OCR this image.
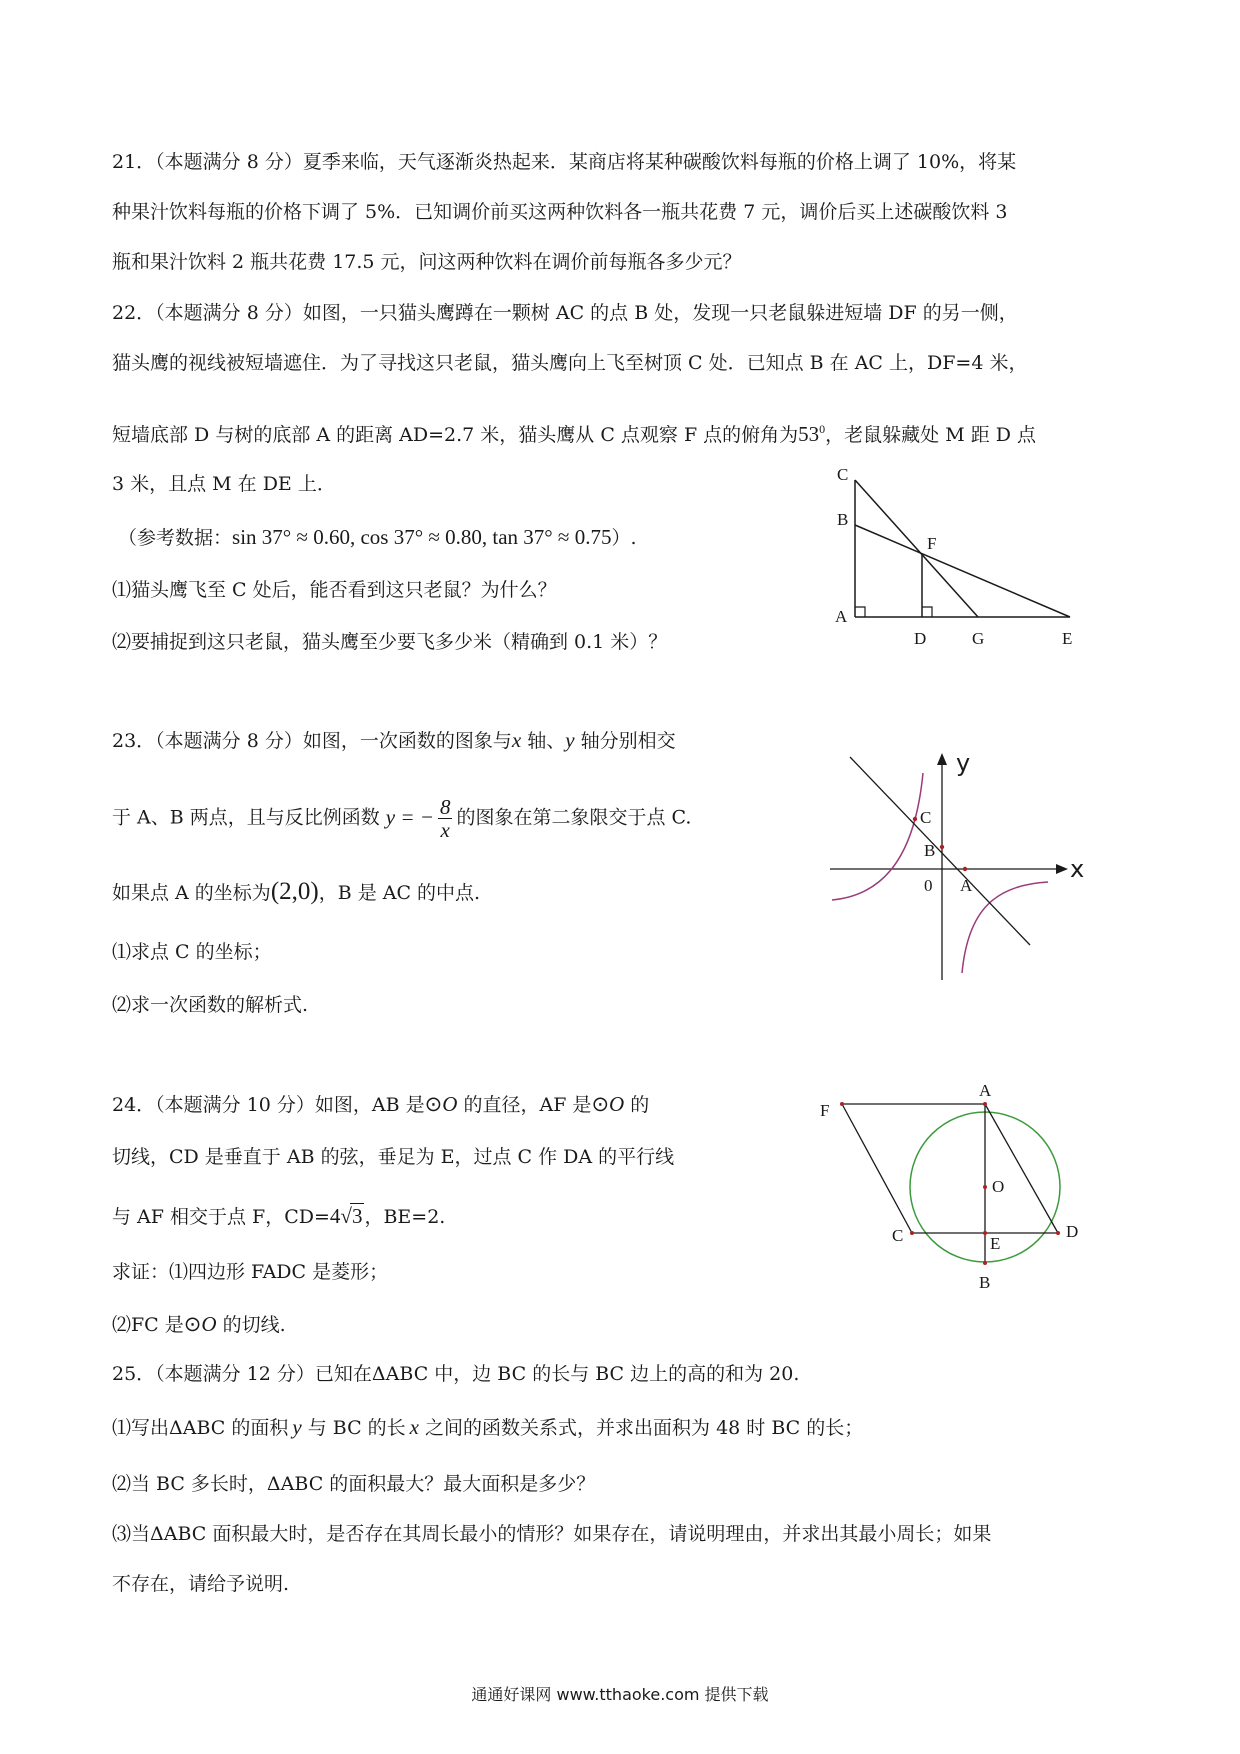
21．（本题满分 8 分）夏季来临，天气逐渐炎热起来．某商店将某种碳酸饮料每瓶的价格上调了 10%，将某
种果汁饮料每瓶的价格下调了 5%．已知调价前买这两种饮料各一瓶共花费 7 元，调价后买上述碳酸饮料 3
瓶和果汁饮料 2 瓶共花费 17.5 元，问这两种饮料在调价前每瓶各多少元？
22．（本题满分 8 分）如图，一只猫头鹰蹲在一颗树 AC 的点 B 处，发现一只老鼠躲进短墙 DF 的另一侧，
猫头鹰的视线被短墙遮住．为了寻找这只老鼠，猫头鹰向上飞至树顶 C 处．已知点 B 在 AC 上，DF=4 米，
短墙底部 D 与树的底部 A 的距离 AD=2.7 米，猫头鹰从 C 点观察 F 点的俯角为$53^0$，老鼠躲藏处 M 距 D 点
3 米，且点 M 在 DE 上．
（参考数据：sin 37° ≈ 0.60, cos 37° ≈ 0.80, tan 37° ≈ 0.75）.
⑴猫头鹰飞至 C 处后，能否看到这只老鼠？为什么？
⑵要捕捉到这只老鼠，猫头鹰至少要飞多少米（精确到 0.1 米）？
C
B
F
A
D	G	E
23．（本题满分 8 分）如图，一次函数的图象与x 轴、y 轴分别相交
于 A、B 两点，且与反比例函数 y = − $\frac{8}{x}$ 的图象在第二象限交于点 C.
如果点 A 的坐标为(2,0)，B 是 AC 的中点.
⑴求点 C 的坐标；
⑵求一次函数的解析式.
y
x
C
B
0 A
24．（本题满分 10 分）如图，AB 是⊙O 的直径，AF 是⊙O 的
切线，CD 是垂直于 AB 的弦，垂足为 E，过点 C 作 DA 的平行线
与 AF 相交于点 F，CD=4√3 ，BE=2.
求证：⑴四边形 FADC 是菱形；
⑵FC 是⊙O 的切线.
A
F
O
C	E
D
B
25．（本题满分 12 分）已知在ΔABC 中，边 BC 的长与 BC 边上的高的和为 20.
⑴写出ΔABC 的面积 y 与 BC 的长 x 之间的函数关系式，并求出面积为 48 时 BC 的长；
⑵当 BC 多长时，ΔABC 的面积最大？最大面积是多少？
⑶当ΔABC 面积最大时，是否存在其周长最小的情形？如果存在，请说明理由，并求出其最小周长；如果
不存在，请给予说明.
通通好课网 www.tthaoke.com 提供下载
